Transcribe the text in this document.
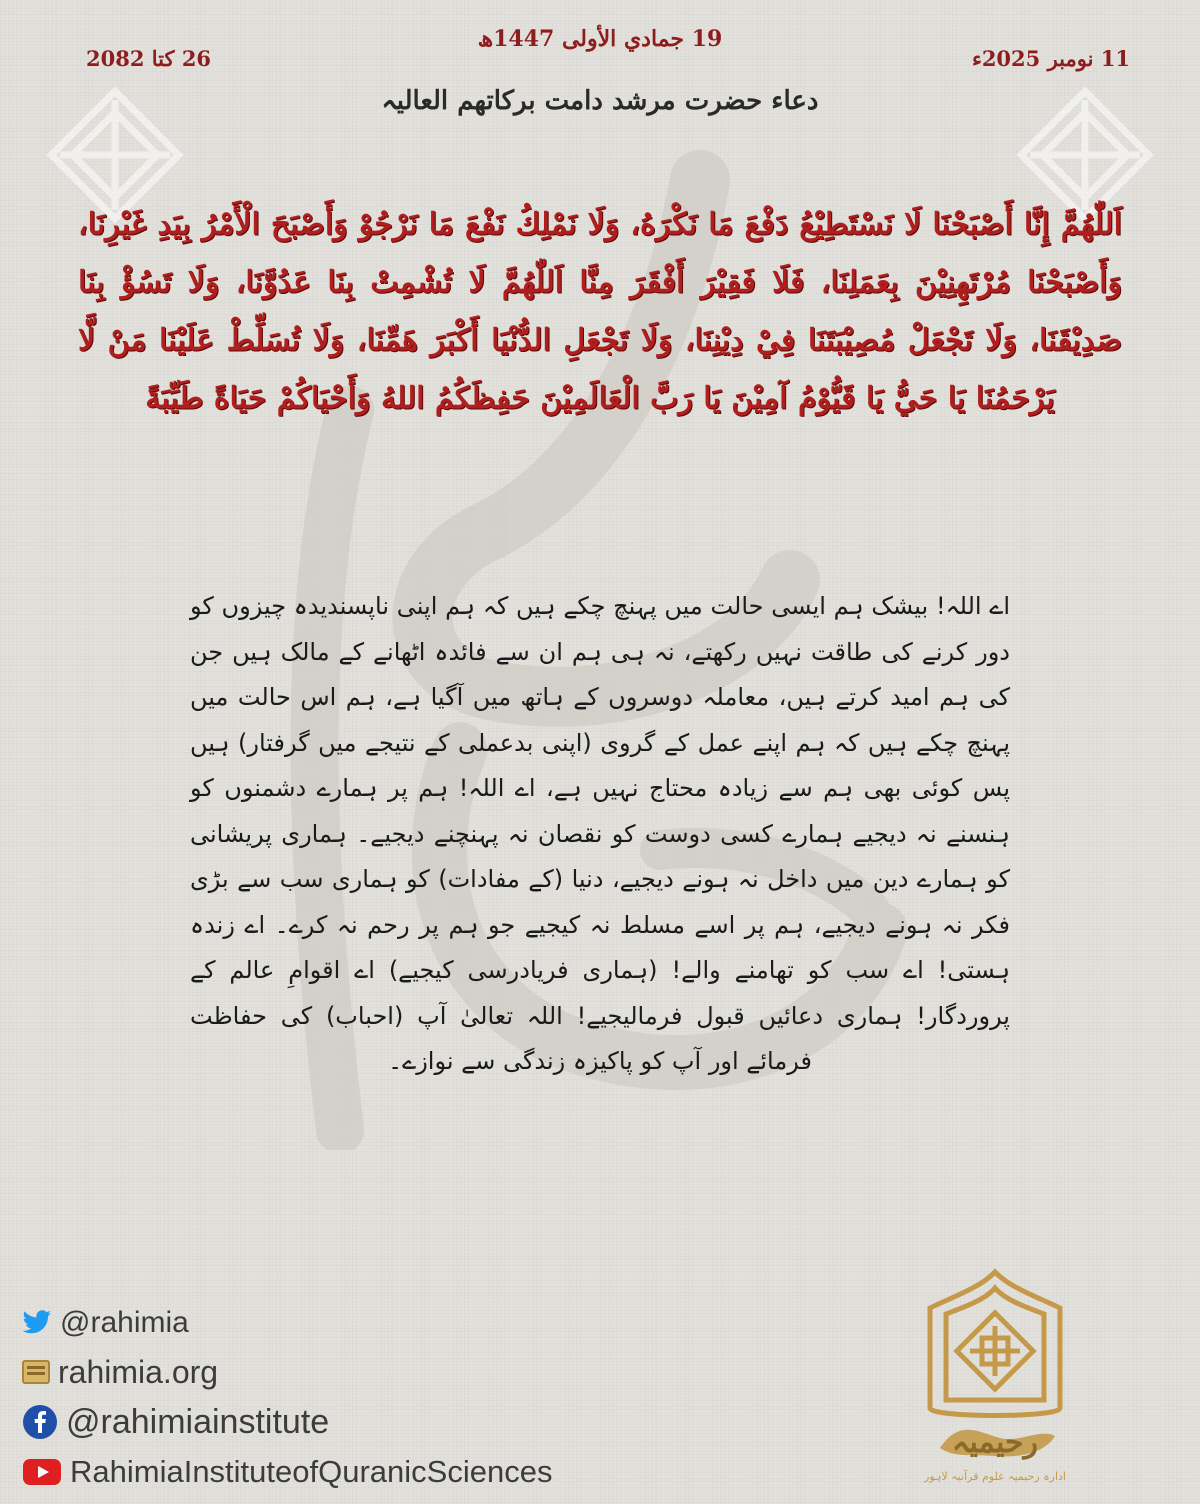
19 جمادي الأولى 1447ھ
11 نومبر 2025ء
26 کتا 2082
دعاء حضرت مرشد دامت برکاتھم العالیہ
اَللّٰهُمَّ إِنَّا أَصْبَحْنَا لَا نَسْتَطِيْعُ دَفْعَ مَا نَكْرَهُ، وَلَا نَمْلِكُ نَفْعَ مَا نَرْجُوْ وَأَصْبَحَ الْأَمْرُ بِيَدِ غَيْرِنَا، وَأَصْبَحْنَا مُرْتَهِنِيْنَ بِعَمَلِنَا، فَلَا فَقِيْرَ أَفْقَرَ مِنَّا اَللّٰهُمَّ لَا تُشْمِتْ بِنَا عَدُوَّنَا، وَلَا تَسُؤْ بِنَا صَدِيْقَنَا، وَلَا تَجْعَلْ مُصِيْبَتَنَا فِيْ دِيْنِنَا، وَلَا تَجْعَلِ الدُّنْيَا أَكْبَرَ هَمِّنَا، وَلَا تُسَلِّطْ عَلَيْنَا مَنْ لَّا يَرْحَمُنَا يَا حَيُّ يَا قَيُّوْمُ آمِيْنَ يَا رَبَّ الْعَالَمِيْنَ حَفِظَكُمُ اللهُ وَأَحْيَاكُمْ حَيَاةً طَيِّبَةً
اے اللہ! بیشک ہم ایسی حالت میں پہنچ چکے ہیں کہ ہم اپنی ناپسندیدہ چیزوں کو دور کرنے کی طاقت نہیں رکھتے، نہ ہی ہم ان سے فائدہ اٹھانے کے مالک ہیں جن کی ہم امید کرتے ہیں، معاملہ دوسروں کے ہاتھ میں آگیا ہے، ہم اس حالت میں پہنچ چکے ہیں کہ ہم اپنے عمل کے گروی (اپنی بدعملی کے نتیجے میں گرفتار) ہیں پس کوئی بھی ہم سے زیادہ محتاج نہیں ہے، اے اللہ! ہم پر ہمارے دشمنوں کو ہنسنے نہ دیجیے ہمارے کسی دوست کو نقصان نہ پہنچنے دیجیے۔ ہماری پریشانی کو ہمارے دین میں داخل نہ ہونے دیجیے، دنیا (کے مفادات) کو ہماری سب سے بڑی فکر نہ ہونے دیجیے، ہم پر اسے مسلط نہ کیجیے جو ہم پر رحم نہ کرے۔ اے زندہ ہستی! اے سب کو تھامنے والے! (ہماری فریادرسی کیجیے) اے اقوامِ عالم کے پروردگار! ہماری دعائیں قبول فرمالیجیے! اللہ تعالیٰ آپ (احباب) کی حفاظت فرمائے اور آپ کو پاکیزہ زندگی سے نوازے۔
@rahimia
rahimia.org
@rahimiainstitute
RahimiaInstituteofQuranicSciences
رحیمیہ
ادارہ رحیمیہ علوم قرآنیہ لاہور
